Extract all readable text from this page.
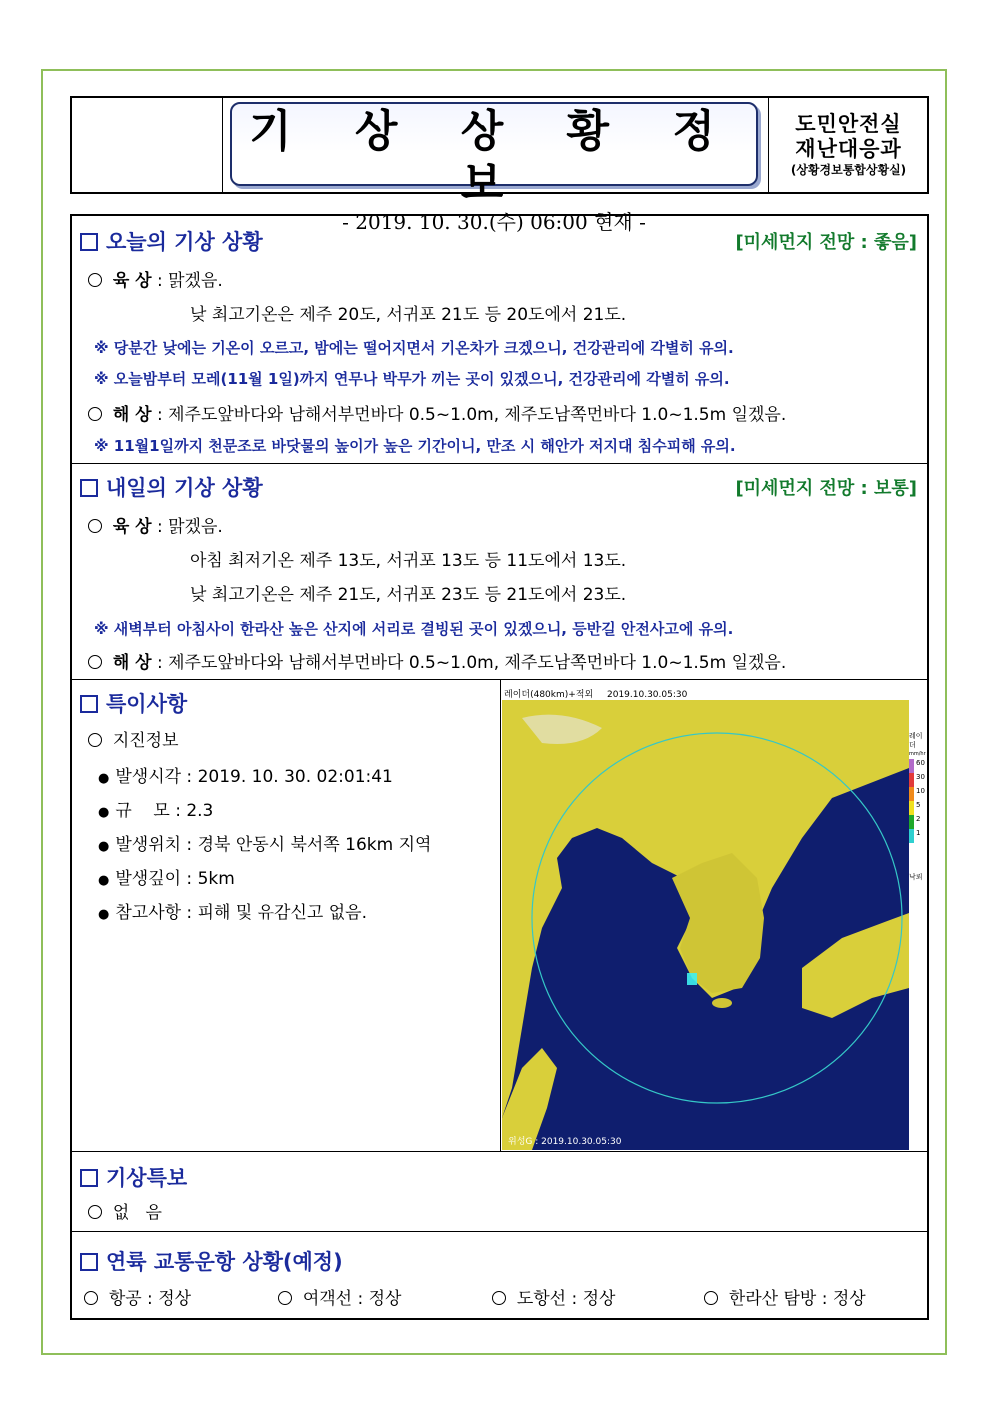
기 상 상 황 정 보
- 2019. 10. 30.(수) 06:00 현재 -
도민안전실
재난대응과
(상황경보통합상황실)
오늘의 기상 상황	[미세먼지 전망 : 좋음]
육 상 : 맑겠음.
낮 최고기온은 제주 20도, 서귀포 21도 등 20도에서 21도.
※ 당분간 낮에는 기온이 오르고, 밤에는 떨어지면서 기온차가 크겠으니, 건강관리에 각별히 유의.
※ 오늘밤부터 모레(11월 1일)까지 연무나 박무가 끼는 곳이 있겠으니, 건강관리에 각별히 유의.
해 상 : 제주도앞바다와 남해서부먼바다 0.5~1.0m, 제주도남쪽먼바다 1.0~1.5m 일겠음.
※ 11월1일까지 천문조로 바닷물의 높이가 높은 기간이니, 만조 시 해안가 저지대 침수피해 유의.
내일의 기상 상황	[미세먼지 전망 : 보통]
육 상 : 맑겠음.
아침 최저기온 제주 13도, 서귀포 13도 등 11도에서 13도.
낮 최고기온은 제주 21도, 서귀포 23도 등 21도에서 23도.
※ 새벽부터 아침사이 한라산 높은 산지에 서리로 결빙된 곳이 있겠으니, 등반길 안전사고에 유의.
해 상 : 제주도앞바다와 남해서부먼바다 0.5~1.0m, 제주도남쪽먼바다 1.0~1.5m 일겠음.
특이사항
지진정보
● 발생시각 : 2019. 10. 30. 02:01:41
● 규    모 : 2.3
● 발생위치 : 경북 안동시 북서쪽 16km 지역
● 발생깊이 : 5km
● 참고사항 : 피해 및 유감신고 없음.
레이더(480km)+적외 2019.10.30.05:30
위성G : 2019.10.30.05:30
레이더
mm/hr
60
30
10
5
2
1
낙뢰
기상특보
없   음
연륙 교통운항 상황(예정)
항공 : 정상	여객선 : 정상	도항선 : 정상	한라산 탐방 : 정상
